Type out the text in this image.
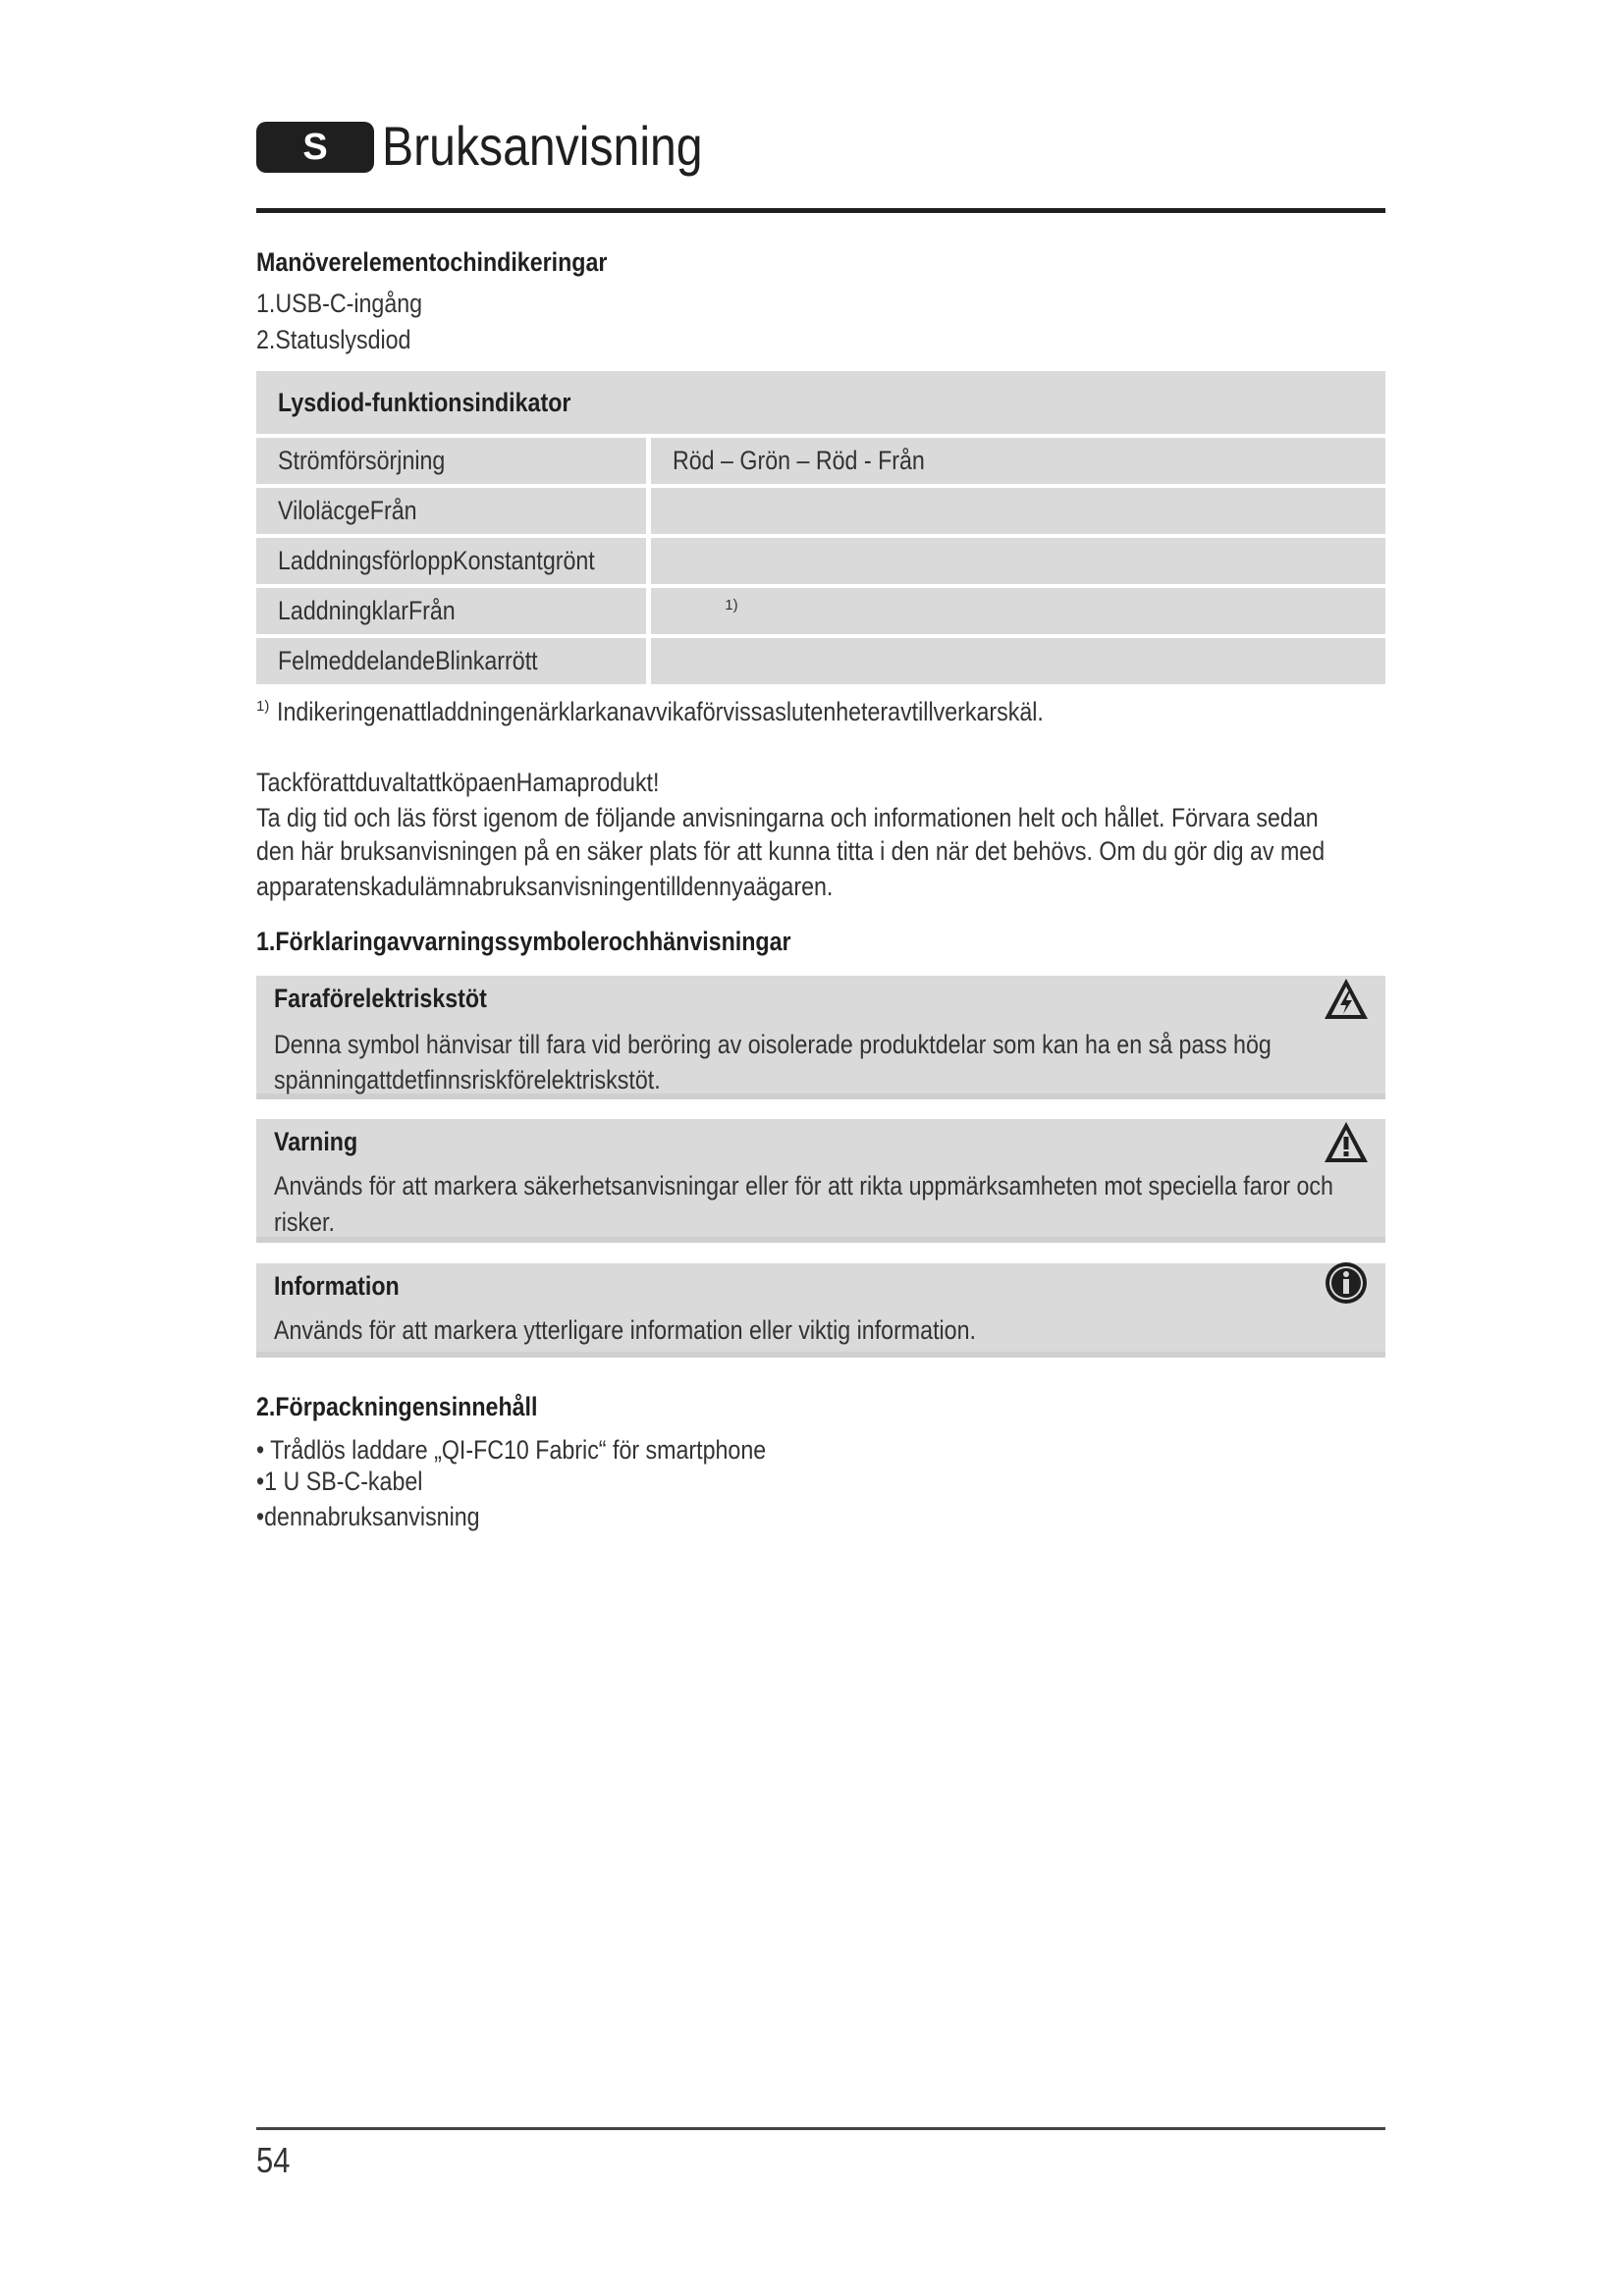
S Bruksanvisning
Manöverelementochindikeringar
1.USB-C-ingång
2.Statuslysdiod
Lysdiod-funktionsindikator	
Strömförsörjning	Röd – Grön – Röd - Från
ViloläcgeFrån	
LaddningsförloppKonstantgrönt	
LaddningklarFrån	$^{1)}$
FelmeddelandeBlinkarrött	
$^{1)}$ Indikeringenattladdningenärklarkanavvikaförvissaslutenheteravtillverkarskäl.
TackförattduvaltattköpaenHamaprodukt!
Ta dig tid och läs först igenom de följande anvisningarna och informationen helt och hållet. Förvara sedan
den här bruksanvisningen på en säker plats för att kunna titta i den när det behövs. Om du gör dig av med
apparatenskadulämnabruksanvisningentilldennyaägaren.
1.Förklaringavvarningssymbolerochhänvisningar
Faraförelektriskstöt
Denna symbol hänvisar till fara vid beröring av oisolerade produktdelar som kan ha en så pass hög
spänningattdetfinnsriskförelektriskstöt.
Varning
Används för att markera säkerhetsanvisningar eller för att rikta uppmärksamheten mot speciella faror och
risker.
Information
Används för att markera ytterligare information eller viktig information.
2.Förpackningensinnehåll
• Trådlös laddare „QI-FC10 Fabric“ för smartphone
•1 U SB-C-kabel
•dennabruksanvisning
54
